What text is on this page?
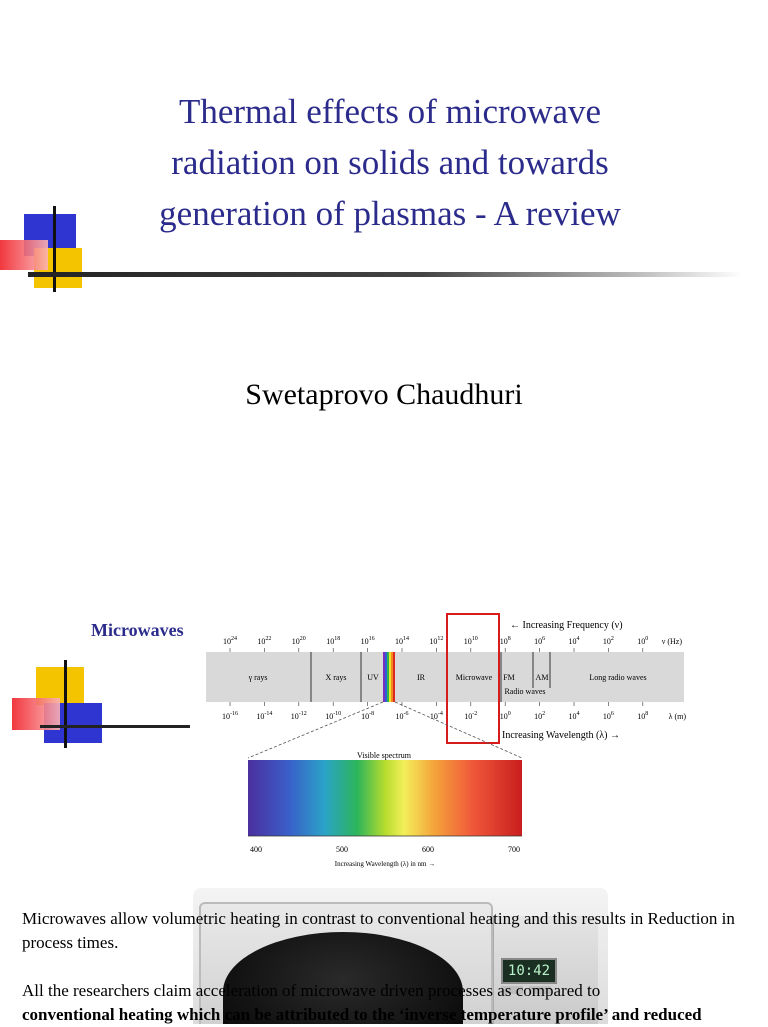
Thermal effects of microwave
radiation on solids and towards
generation of plasmas - A review
Swetaprovo Chaudhuri
Microwaves
γ rays	X rays	UV	IR	Microwave FM	AM	Long radio waves
Radio waves
$10^{24}$	$10^{22}$	$10^{20}$	$10^{18}$	$10^{16}$	$10^{14}$	$10^{12}$	$10^{10}$	$10^8$	$10^6$	$10^4$	$10^2$	$10^0$ ν (Hz)
← Increasing Frequency (ν)
$10^{-16}$ $10^{-14}$ $10^{-12}$ $10^{-10}$ $10^{-8}$	$10^{-6}$	$10^{-4}$	$10^{-2}$	$10^0$	$10^2$	$10^4$	$10^6$	$10^8$	λ (m)
Increasing Wavelength (λ) →
Visible spectrum
400	500	600	700
Increasing Wavelength (λ) in nm →
10:42

Microwaves allow volumetric heating in contrast to conventional heating and this results in Reduction in process times.

All the researchers claim acceleration of microwave driven processes as compared to
conventional heating which can be attributed to the ‘inverse temperature profile’ and reduced
